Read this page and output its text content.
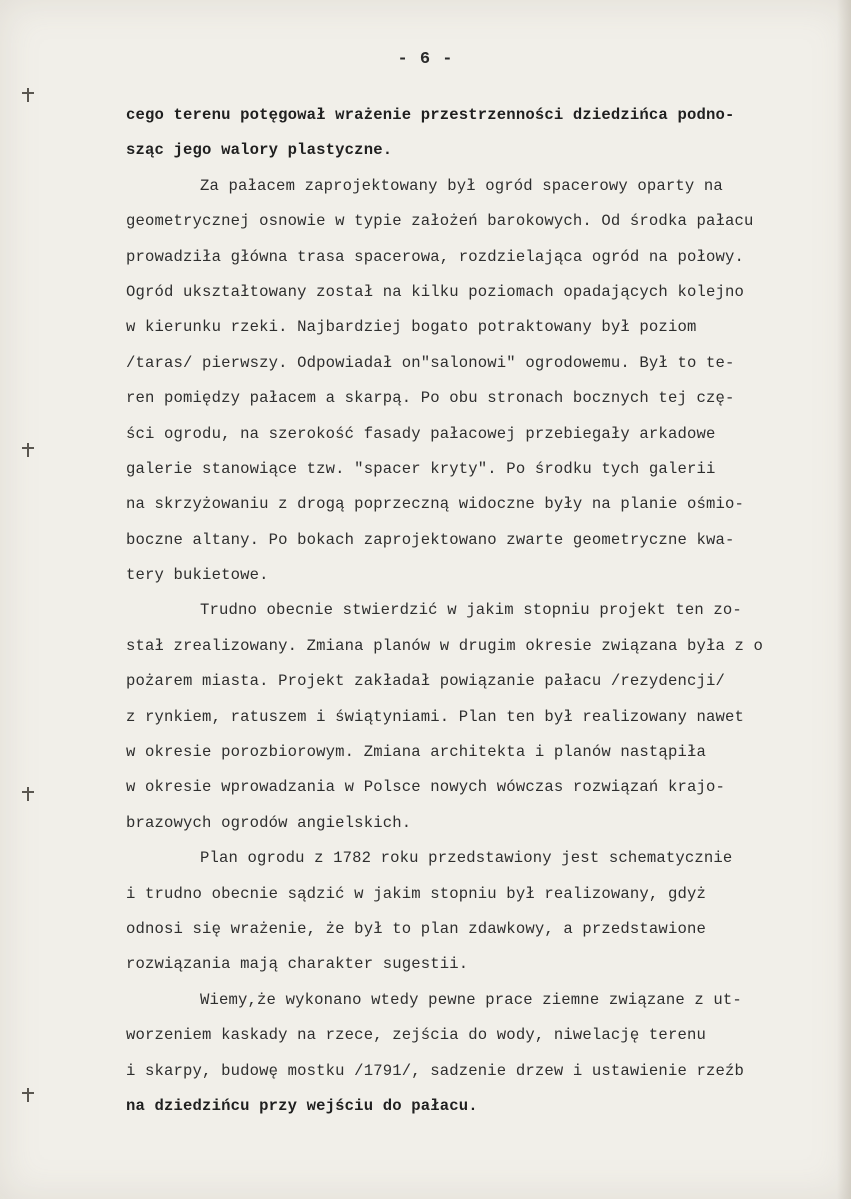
- 6 -
cego terenu potęgował wrażenie przestrzenności dziedzińca podno-
sząc jego walory plastyczne.
Za pałacem zaprojektowany był ogród spacerowy oparty na
geometrycznej osnowie w typie założeń barokowych. Od środka pałacu
prowadziła główna trasa spacerowa, rozdzielająca ogród na połowy.
Ogród ukształtowany został na kilku poziomach opadających kolejno
w kierunku rzeki. Najbardziej bogato potraktowany był poziom
/taras/ pierwszy. Odpowiadał on"salonowi" ogrodowemu. Był to te-
ren pomiędzy pałacem a skarpą. Po obu stronach bocznych tej czę-
ści ogrodu, na szerokość fasady pałacowej przebiegały arkadowe
galerie stanowiące tzw. "spacer kryty". Po środku tych galerii
na skrzyżowaniu z drogą poprzeczną widoczne były na planie ośmio-
boczne altany. Po bokach zaprojektowano zwarte geometryczne kwa-
tery bukietowe.
Trudno obecnie stwierdzić w jakim stopniu projekt ten zo-
stał zrealizowany. Zmiana planów w drugim okresie związana była z o
pożarem miasta. Projekt zakładał powiązanie pałacu /rezydencji/
z rynkiem, ratuszem i świątyniami. Plan ten był realizowany nawet
w okresie porozbiorowym. Zmiana architekta i planów nastąpiła
w okresie wprowadzania w Polsce nowych wówczas rozwiązań krajo-
brazowych ogrodów angielskich.
Plan ogrodu z 1782 roku przedstawiony jest schematycznie
i trudno obecnie sądzić w jakim stopniu był realizowany, gdyż
odnosi się wrażenie, że był to plan zdawkowy, a przedstawione
rozwiązania mają charakter sugestii.
Wiemy,że wykonano wtedy pewne prace ziemne związane z ut-
worzeniem kaskady na rzece, zejścia do wody, niwelację terenu
i skarpy, budowę mostku /1791/, sadzenie drzew i ustawienie rzeźb
na dziedzińcu przy wejściu do pałacu.
